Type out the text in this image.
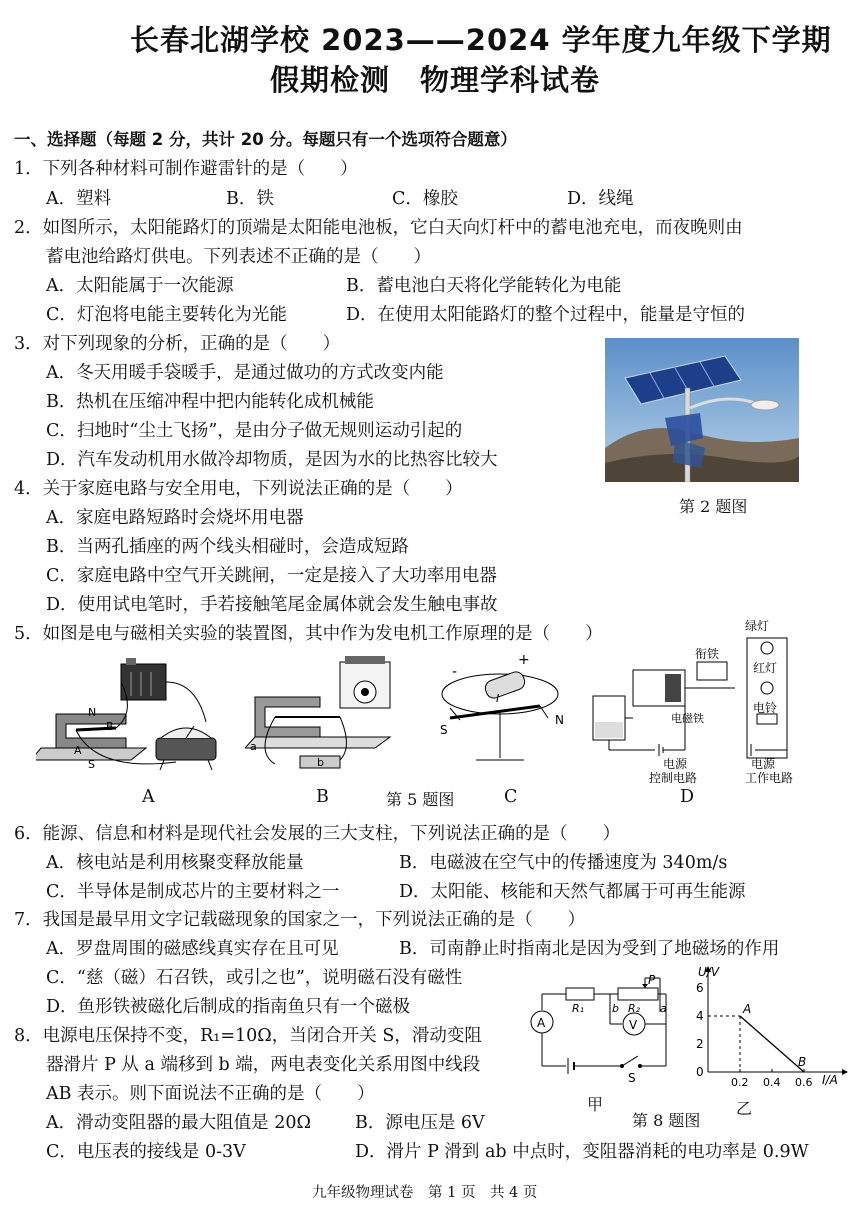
长春北湖学校 2023——2024 学年度九年级下学期
假期检测　物理学科试卷
一、选择题（每题 2 分，共计 20 分。每题只有一个选项符合题意）
1．下列各种材料可制作避雷针的是（　　）
A．塑料	B．铁	C．橡胶	D．线绳
2．如图所示，太阳能路灯的顶端是太阳能电池板，它白天向灯杆中的蓄电池充电，而夜晚则由
蓄电池给路灯供电。下列表述不正确的是（　　）
A．太阳能属于一次能源	B．蓄电池白天将化学能转化为电能
C．灯泡将电能主要转化为光能	D．在使用太阳能路灯的整个过程中，能量是守恒的
3．对下列现象的分析，正确的是（　　）
A．冬天用暖手袋暖手，是通过做功的方式改变内能
B．热机在压缩冲程中把内能转化成机械能
C．扫地时“尘土飞扬”，是由分子做无规则运动引起的
D．汽车发动机用水做冷却物质，是因为水的比热容比较大
第 2 题图
4．关于家庭电路与安全用电，下列说法正确的是（　　）
A．家庭电路短路时会烧坏用电器
B．当两孔插座的两个线头相碰时，会造成短路
C．家庭电路中空气开关跳闸，一定是接入了大功率用电器
D．使用试电笔时，手若接触笔尾金属体就会发生触电事故
5．如图是电与磁相关实验的装置图，其中作为发电机工作原理的是（　　）
N
B
A
S
A
a
b
B	第 5 题图
S
N
-
+
I
C
绿灯
衔铁
红灯
电磁铁
电铃
电源
控制电路
电源
工作电路
D
6．能源、信息和材料是现代社会发展的三大支柱，下列说法正确的是（　　）
A．核电站是利用核聚变释放能量	B．电磁波在空气中的传播速度为 340m/s
C．半导体是制成芯片的主要材料之一	D．太阳能、核能和天然气都属于可再生能源
7．我国是最早用文字记载磁现象的国家之一，下列说法正确的是（　　）
A．罗盘周围的磁感线真实存在且可见	B．司南静止时指南北是因为受到了地磁场的作用
C．“慈（磁）石召铁，或引之也”，说明磁石没有磁性
D．鱼形铁被磁化后制成的指南鱼只有一个磁极
8．电源电压保持不变，R₁=10Ω，当闭合开关 S，滑动变阻
器滑片 P 从 a 端移到 b 端，两电表变化关系用图中线段
AB 表示。则下面说法不正确的是（　　）
A．滑动变阻器的最大阻值是 20Ω	B．源电压是 6V
C．电压表的接线是 0-3V	D．滑片 P 滑到 ab 中点时，变阻器消耗的电功率是 0.9W
P
R₁	b R₂ a
A	V
S
甲
U/V
I/A
6
4
2
0
0.2 0.4 0.6
A
B
乙
第 8 题图
九年级物理试卷　第 1 页　共 4 页
